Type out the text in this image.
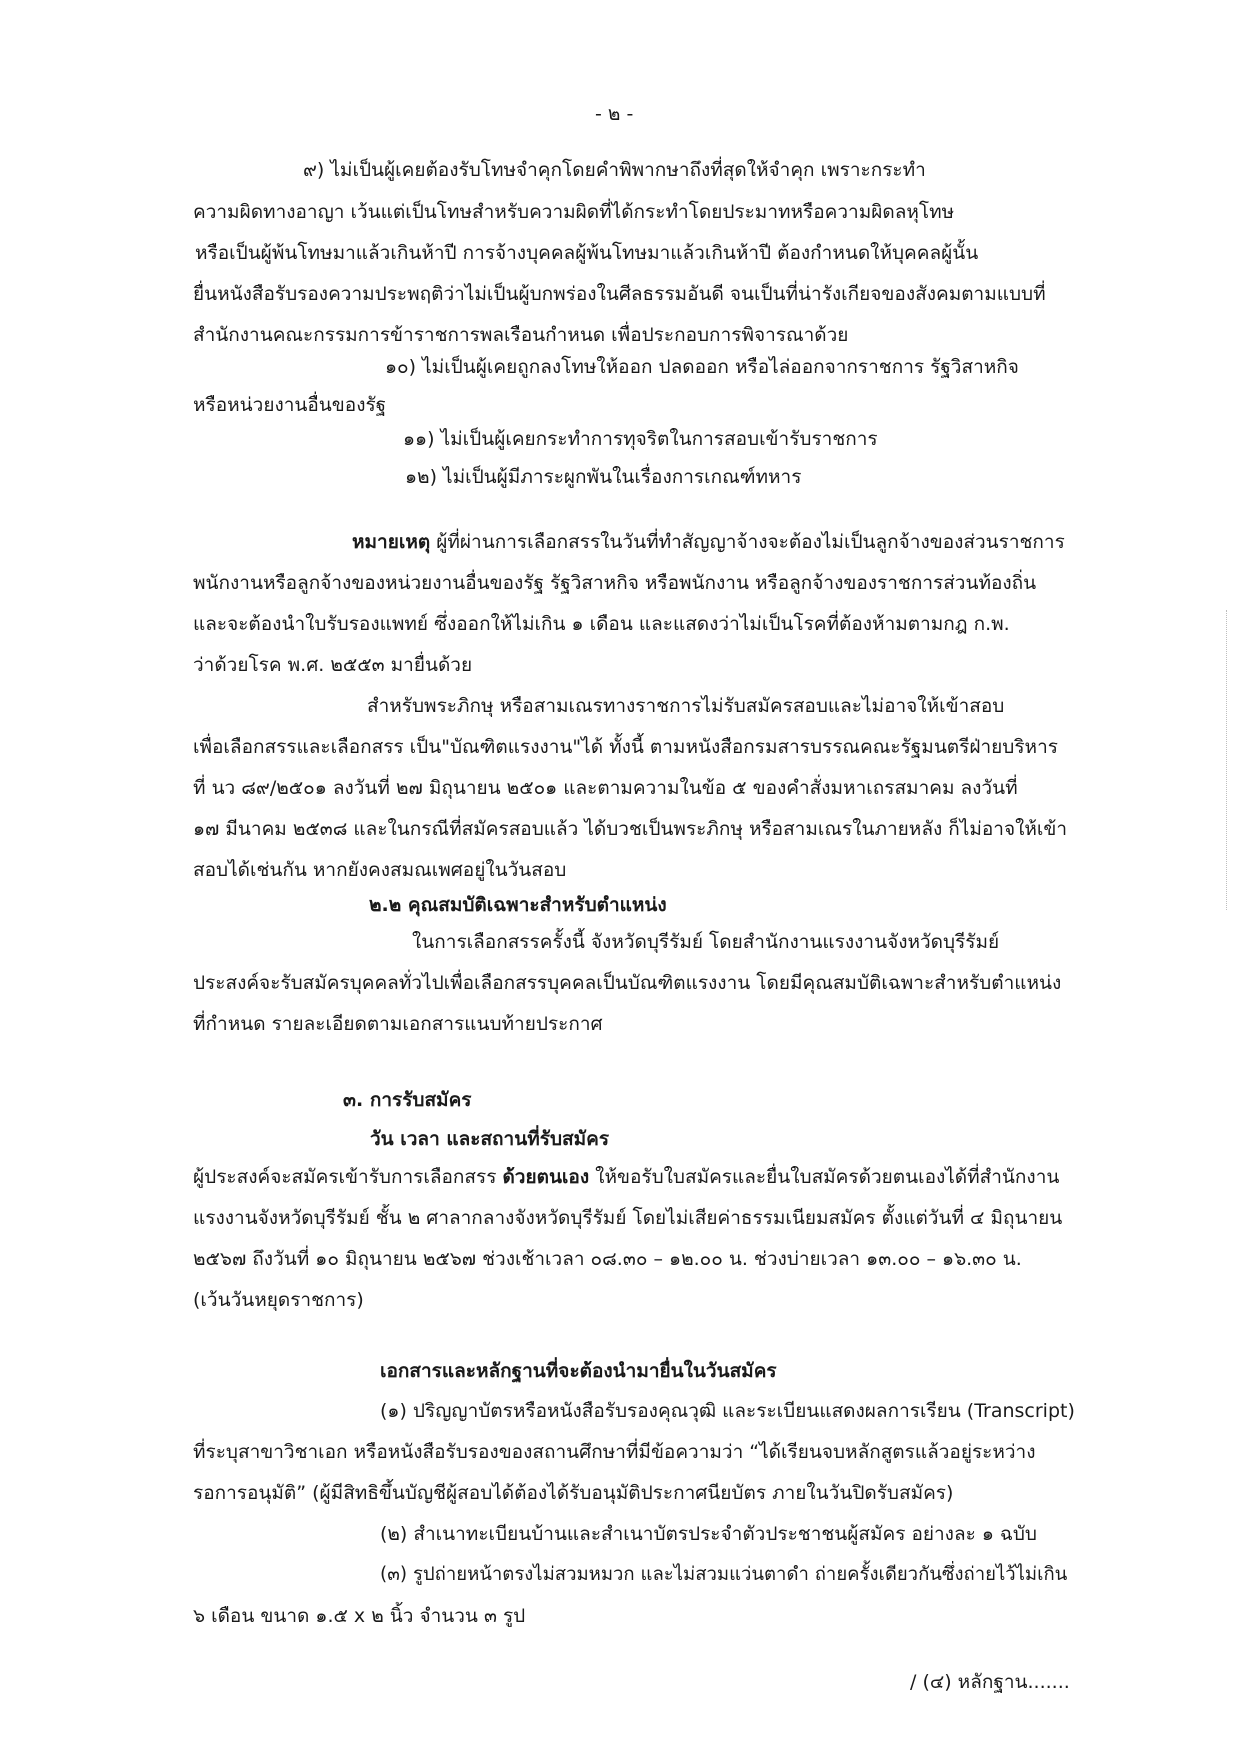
- ๒ -
๙) ไม่เป็นผู้เคยต้องรับโทษจำคุกโดยคำพิพากษาถึงที่สุดให้จำคุก เพราะกระทำ
ความผิดทางอาญา เว้นแต่เป็นโทษสำหรับความผิดที่ได้กระทำโดยประมาทหรือความผิดลหุโทษ
หรือเป็นผู้พ้นโทษมาแล้วเกินห้าปี การจ้างบุคคลผู้พ้นโทษมาแล้วเกินห้าปี ต้องกำหนดให้บุคคลผู้นั้น
ยื่นหนังสือรับรองความประพฤติว่าไม่เป็นผู้บกพร่องในศีลธรรมอันดี จนเป็นที่น่ารังเกียจของสังคมตามแบบที่
สำนักงานคณะกรรมการข้าราชการพลเรือนกำหนด เพื่อประกอบการพิจารณาด้วย
๑๐) ไม่เป็นผู้เคยถูกลงโทษให้ออก ปลดออก หรือไล่ออกจากราชการ รัฐวิสาหกิจ
หรือหน่วยงานอื่นของรัฐ
๑๑) ไม่เป็นผู้เคยกระทำการทุจริตในการสอบเข้ารับราชการ
๑๒) ไม่เป็นผู้มีภาระผูกพันในเรื่องการเกณฑ์ทหาร
หมายเหตุ ผู้ที่ผ่านการเลือกสรรในวันที่ทำสัญญาจ้างจะต้องไม่เป็นลูกจ้างของส่วนราชการ
พนักงานหรือลูกจ้างของหน่วยงานอื่นของรัฐ รัฐวิสาหกิจ หรือพนักงาน หรือลูกจ้างของราชการส่วนท้องถิ่น
และจะต้องนำใบรับรองแพทย์ ซึ่งออกให้ไม่เกิน ๑ เดือน และแสดงว่าไม่เป็นโรคที่ต้องห้ามตามกฎ ก.พ.
ว่าด้วยโรค พ.ศ. ๒๕๕๓ มายื่นด้วย
สำหรับพระภิกษุ หรือสามเณรทางราชการไม่รับสมัครสอบและไม่อาจให้เข้าสอบ
เพื่อเลือกสรรและเลือกสรร เป็น"บัณฑิตแรงงาน"ได้ ทั้งนี้ ตามหนังสือกรมสารบรรณคณะรัฐมนตรีฝ่ายบริหาร
ที่ นว ๘๙/๒๕๐๑ ลงวันที่ ๒๗ มิถุนายน ๒๕๐๑ และตามความในข้อ ๕ ของคำสั่งมหาเถรสมาคม ลงวันที่
๑๗ มีนาคม ๒๕๓๘ และในกรณีที่สมัครสอบแล้ว ได้บวชเป็นพระภิกษุ หรือสามเณรในภายหลัง ก็ไม่อาจให้เข้า
สอบได้เช่นกัน หากยังคงสมณเพศอยู่ในวันสอบ
๒.๒ คุณสมบัติเฉพาะสำหรับตำแหน่ง
ในการเลือกสรรครั้งนี้ จังหวัดบุรีรัมย์ โดยสำนักงานแรงงานจังหวัดบุรีรัมย์
ประสงค์จะรับสมัครบุคคลทั่วไปเพื่อเลือกสรรบุคคลเป็นบัณฑิตแรงงาน โดยมีคุณสมบัติเฉพาะสำหรับตำแหน่ง
ที่กำหนด รายละเอียดตามเอกสารแนบท้ายประกาศ
๓. การรับสมัคร
วัน เวลา และสถานที่รับสมัคร
ผู้ประสงค์จะสมัครเข้ารับการเลือกสรร ด้วยตนเอง ให้ขอรับใบสมัครและยื่นใบสมัครด้วยตนเองได้ที่สำนักงาน
แรงงานจังหวัดบุรีรัมย์ ชั้น ๒ ศาลากลางจังหวัดบุรีรัมย์ โดยไม่เสียค่าธรรมเนียมสมัคร ตั้งแต่วันที่ ๔ มิถุนายน
๒๕๖๗ ถึงวันที่ ๑๐ มิถุนายน ๒๕๖๗ ช่วงเช้าเวลา ๐๘.๓๐ – ๑๒.๐๐ น. ช่วงบ่ายเวลา ๑๓.๐๐ – ๑๖.๓๐ น.
(เว้นวันหยุดราชการ)
เอกสารและหลักฐานที่จะต้องนำมายื่นในวันสมัคร
(๑) ปริญญาบัตรหรือหนังสือรับรองคุณวุฒิ และระเบียนแสดงผลการเรียน (Transcript)
ที่ระบุสาขาวิชาเอก หรือหนังสือรับรองของสถานศึกษาที่มีข้อความว่า “ได้เรียนจบหลักสูตรแล้วอยู่ระหว่าง
รอการอนุมัติ” (ผู้มีสิทธิขึ้นบัญชีผู้สอบได้ต้องได้รับอนุมัติประกาศนียบัตร ภายในวันปิดรับสมัคร)
(๒) สำเนาทะเบียนบ้านและสำเนาบัตรประจำตัวประชาชนผู้สมัคร อย่างละ ๑ ฉบับ
(๓) รูปถ่ายหน้าตรงไม่สวมหมวก และไม่สวมแว่นตาดำ ถ่ายครั้งเดียวกันซึ่งถ่ายไว้ไม่เกิน
๖ เดือน ขนาด ๑.๕ x ๒ นิ้ว จำนวน ๓ รูป
/ (๔) หลักฐาน.......
